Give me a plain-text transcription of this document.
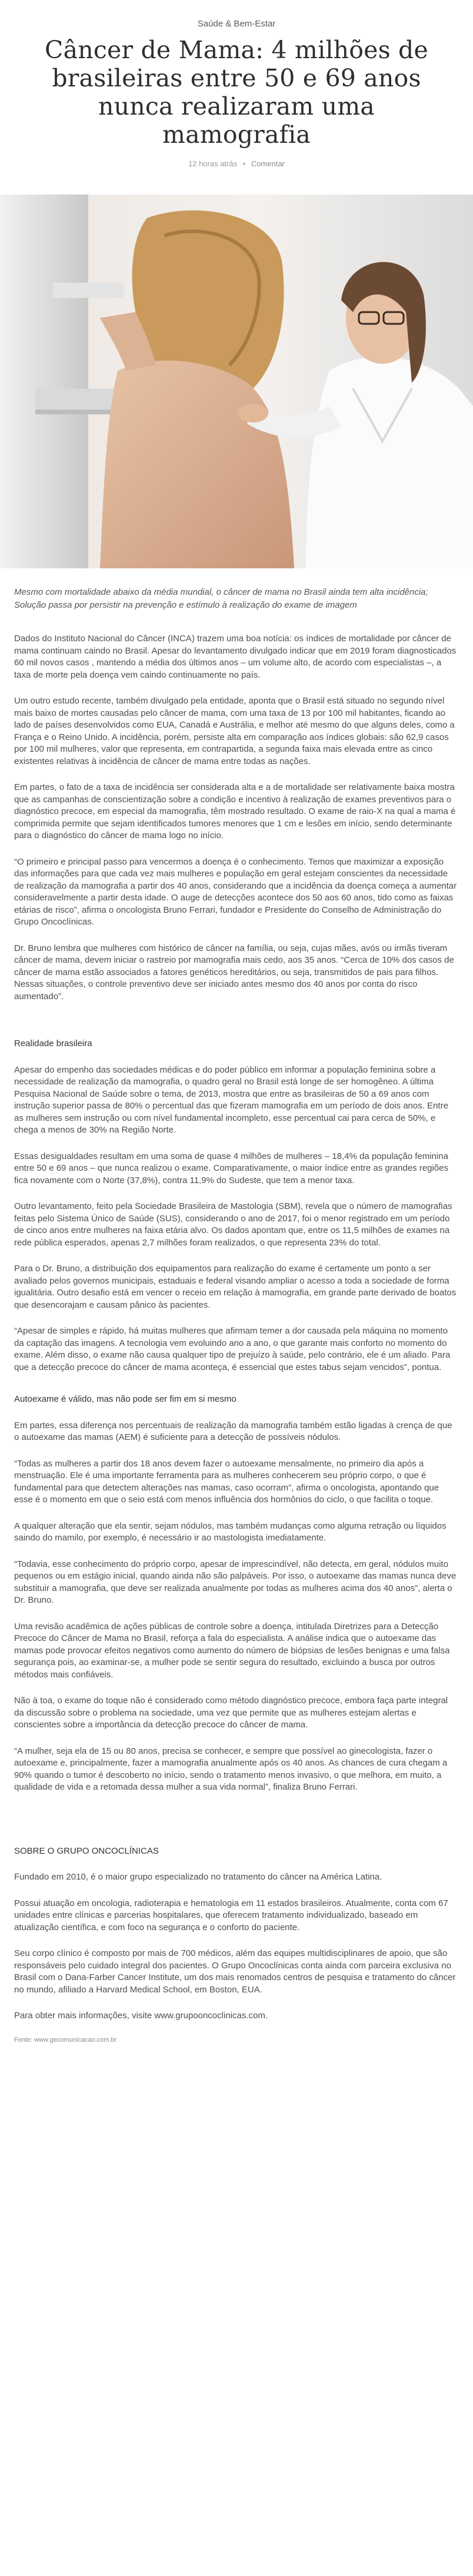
Saúde & Bem-Estar
Câncer de Mama: 4 milhões de brasileiras entre 50 e 69 anos nunca realizaram uma mamografia
12 horas atrás • Comentar

Mesmo com mortalidade abaixo da média mundial, o câncer de mama no Brasil ainda tem alta incidência; Solução passa por persistir na prevenção e estímulo à realização do exame de imagem

Dados do Instituto Nacional do Câncer (INCA) trazem uma boa notícia: os índices de mortalidade por câncer de mama continuam caindo no Brasil. Apesar do levantamento divulgado indicar que em 2019 foram diagnosticados 60 mil novos casos , mantendo a média dos últimos anos – um volume alto, de acordo com especialistas –, a taxa de morte pela doença vem caindo continuamente no país.

Um outro estudo recente, também divulgado pela entidade, aponta que o Brasil está situado no segundo nível mais baixo de mortes causadas pelo câncer de mama, com uma taxa de 13 por 100 mil habitantes, ficando ao lado de países desenvolvidos como EUA, Canadá e Austrália, e melhor até mesmo do que alguns deles, como a França e o Reino Unido. A incidência, porém, persiste alta em comparação aos índices globais: são 62,9 casos por 100 mil mulheres, valor que representa, em contrapartida, a segunda faixa mais elevada entre as cinco existentes relativas à incidência de câncer de mama entre todas as nações.

Em partes, o fato de a taxa de incidência ser considerada alta e a de mortalidade ser relativamente baixa mostra que as campanhas de conscientização sobre a condição e incentivo à realização de exames preventivos para o diagnóstico precoce, em especial da mamografia, têm mostrado resultado. O exame de raio-X na qual a mama é comprimida permite que sejam identificados tumores menores que 1 cm e lesões em início, sendo determinante para o diagnóstico do câncer de mama logo no início.

“O primeiro e principal passo para vencermos a doença é o conhecimento. Temos que maximizar a exposição das informações para que cada vez mais mulheres e população em geral estejam conscientes da necessidade de realização da mamografia a partir dos 40 anos, considerando que a incidência da doença começa a aumentar consideravelmente a partir desta idade. O auge de detecções acontece dos 50 aos 60 anos, tido como as faixas etárias de risco”, afirma o oncologista Bruno Ferrari, fundador e Presidente do Conselho de Administração do Grupo Oncoclínicas.

Dr. Bruno lembra que mulheres com histórico de câncer na família, ou seja, cujas mães, avós ou irmãs tiveram câncer de mama, devem iniciar o rastreio por mamografia mais cedo, aos 35 anos. “Cerca de 10% dos casos de câncer de mama estão associados a fatores genéticos hereditários, ou seja, transmitidos de pais para filhos. Nessas situações, o controle preventivo deve ser iniciado antes mesmo dos 40 anos por conta do risco aumentado”.

Realidade brasileira

Apesar do empenho das sociedades médicas e do poder público em informar a população feminina sobre a necessidade de realização da mamografia, o quadro geral no Brasil está longe de ser homogêneo. A última Pesquisa Nacional de Saúde sobre o tema, de 2013, mostra que entre as brasileiras de 50 a 69 anos com instrução superior passa de 80% o percentual das que fizeram mamografia em um período de dois anos. Entre as mulheres sem instrução ou com nível fundamental incompleto, esse percentual cai para cerca de 50%, e chega a menos de 30% na Região Norte.

Essas desigualdades resultam em uma soma de quase 4 milhões de mulheres – 18,4% da população feminina entre 50 e 69 anos – que nunca realizou o exame. Comparativamente, o maior índice entre as grandes regiões fica novamente com o Norte (37,8%), contra 11,9% do Sudeste, que tem a menor taxa.

Outro levantamento, feito pela Sociedade Brasileira de Mastologia (SBM), revela que o número de mamografias feitas pelo Sistema Único de Saúde (SUS), considerando o ano de 2017, foi o menor registrado em um período de cinco anos entre mulheres na faixa etária alvo. Os dados apontam que, entre os 11,5 milhões de exames na rede pública esperados, apenas 2,7 milhões foram realizados, o que representa 23% do total.

Para o Dr. Bruno, a distribuição dos equipamentos para realização do exame é certamente um ponto a ser avaliado pelos governos municipais, estaduais e federal visando ampliar o acesso a toda a sociedade de forma igualitária. Outro desafio está em vencer o receio em relação à mamografia, em grande parte derivado de boatos que desencorajam e causam pânico às pacientes.

“Apesar de simples e rápido, há muitas mulheres que afirmam temer a dor causada pela máquina no momento da captação das imagens. A tecnologia vem evoluindo ano a ano, o que garante mais conforto no momento do exame. Além disso, o exame não causa qualquer tipo de prejuízo à saúde, pelo contrário, ele é um aliado. Para que a detecção precoce do câncer de mama aconteça, é essencial que estes tabus sejam vencidos”, pontua.

Autoexame é válido, mas não pode ser fim em si mesmo

Em partes, essa diferença nos percentuais de realização da mamografia também estão ligadas à crença de que o autoexame das mamas (AEM) é suficiente para a detecção de possíveis nódulos.

“Todas as mulheres a partir dos 18 anos devem fazer o autoexame mensalmente, no primeiro dia após a menstruação. Ele é uma importante ferramenta para as mulheres conhecerem seu próprio corpo, o que é fundamental para que detectem alterações nas mamas, caso ocorram”, afirma o oncologista, apontando que esse é o momento em que o seio está com menos influência dos hormônios do ciclo, o que facilita o toque.

A qualquer alteração que ela sentir, sejam nódulos, mas também mudanças como alguma retração ou líquidos saindo do mamilo, por exemplo, é necessário ir ao mastologista imediatamente.

“Todavia, esse conhecimento do próprio corpo, apesar de imprescindível, não detecta, em geral, nódulos muito pequenos ou em estágio inicial, quando ainda não são palpáveis. Por isso, o autoexame das mamas nunca deve substituir a mamografia, que deve ser realizada anualmente por todas as mulheres acima dos 40 anos”, alerta o Dr. Bruno.

Uma revisão acadêmica de ações públicas de controle sobre a doença, intitulada Diretrizes para a Detecção Precoce do Câncer de Mama no Brasil, reforça a fala do especialista. A análise indica que o autoexame das mamas pode provocar efeitos negativos como aumento do número de biópsias de lesões benignas e uma falsa segurança pois, ao examinar-se, a mulher pode se sentir segura do resultado, excluindo a busca por outros métodos mais confiáveis.

Não à toa, o exame do toque não é considerado como método diagnóstico precoce, embora faça parte integral da discussão sobre o problema na sociedade, uma vez que permite que as mulheres estejam alertas e conscientes sobre a importância da detecção precoce do câncer de mama.

“A mulher, seja ela de 15 ou 80 anos, precisa se conhecer, e sempre que possível ao ginecologista, fazer o autoexame e, principalmente, fazer a mamografia anualmente após os 40 anos. As chances de cura chegam a 90% quando o tumor é descoberto no início, sendo o tratamento menos invasivo, o que melhora, em muito, a qualidade de vida e a retomada dessa mulher a sua vida normal”, finaliza Bruno Ferrari.

SOBRE O GRUPO ONCOCLÍNICAS

Fundado em 2010, é o maior grupo especializado no tratamento do câncer na América Latina.

Possui atuação em oncologia, radioterapia e hematologia em 11 estados brasileiros. Atualmente, conta com 67 unidades entre clínicas e parcerias hospitalares, que oferecem tratamento individualizado, baseado em atualização científica, e com foco na segurança e o conforto do paciente.

Seu corpo clínico é composto por mais de 700 médicos, além das equipes multidisciplinares de apoio, que são responsáveis pelo cuidado integral dos pacientes. O Grupo Oncoclínicas conta ainda com parceira exclusiva no Brasil com o Dana-Farber Cancer Institute, um dos mais renomados centros de pesquisa e tratamento do câncer no mundo, afiliado a Harvard Medical School, em Boston, EUA.

Para obter mais informações, visite www.grupooncoclinicas.com.

Fonte: www.gecomunicacao.com.br
